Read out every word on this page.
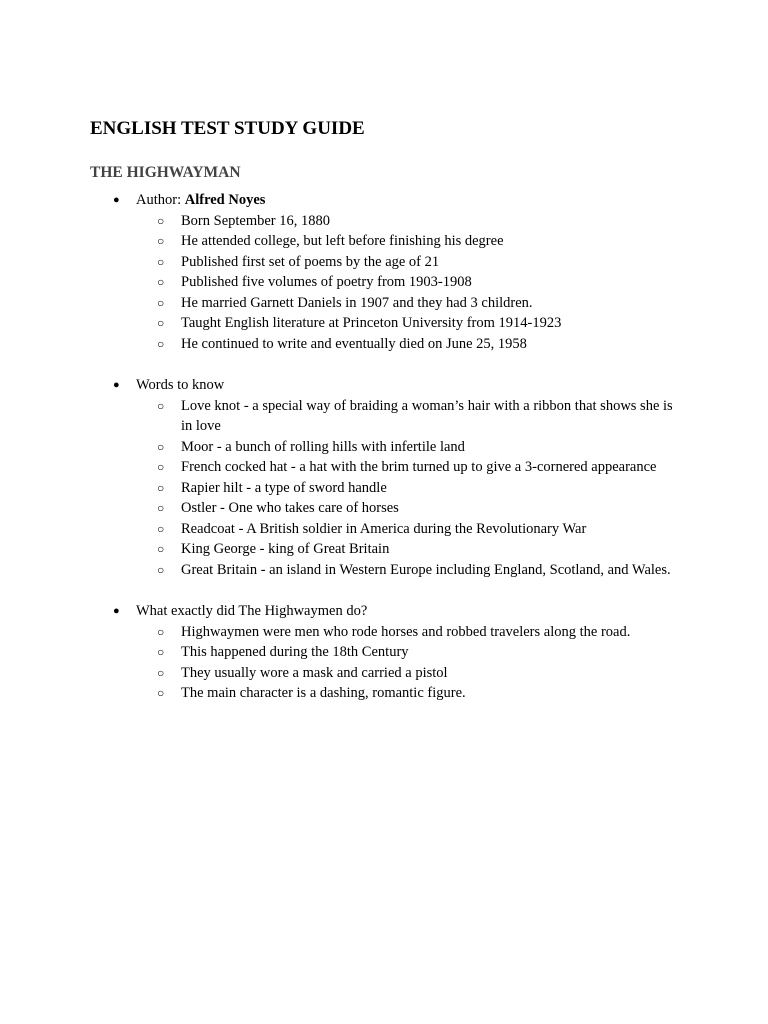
ENGLISH TEST STUDY GUIDE
THE HIGHWAYMAN
● Author: Alfred Noyes
○ Born September 16, 1880
○ He attended college, but left before finishing his degree
○ Published first set of poems by the age of 21
○ Published five volumes of poetry from 1903-1908
○ He married Garnett Daniels in 1907 and they had 3 children.
○ Taught English literature at Princeton University from 1914-1923
○ He continued to write and eventually died on June 25, 1958
● Words to know
○ Love knot - a special way of braiding a woman’s hair with a ribbon that shows she is in love
○ Moor - a bunch of rolling hills with infertile land
○ French cocked hat - a hat with the brim turned up to give a 3-cornered appearance
○ Rapier hilt - a type of sword handle
○ Ostler - One who takes care of horses
○ Readcoat - A British soldier in America during the Revolutionary War
○ King George - king of Great Britain
○ Great Britain - an island in Western Europe including England, Scotland, and Wales.
● What exactly did The Highwaymen do?
○ Highwaymen were men who rode horses and robbed travelers along the road.
○ This happened during the 18th Century
○ They usually wore a mask and carried a pistol
○ The main character is a dashing, romantic figure.
